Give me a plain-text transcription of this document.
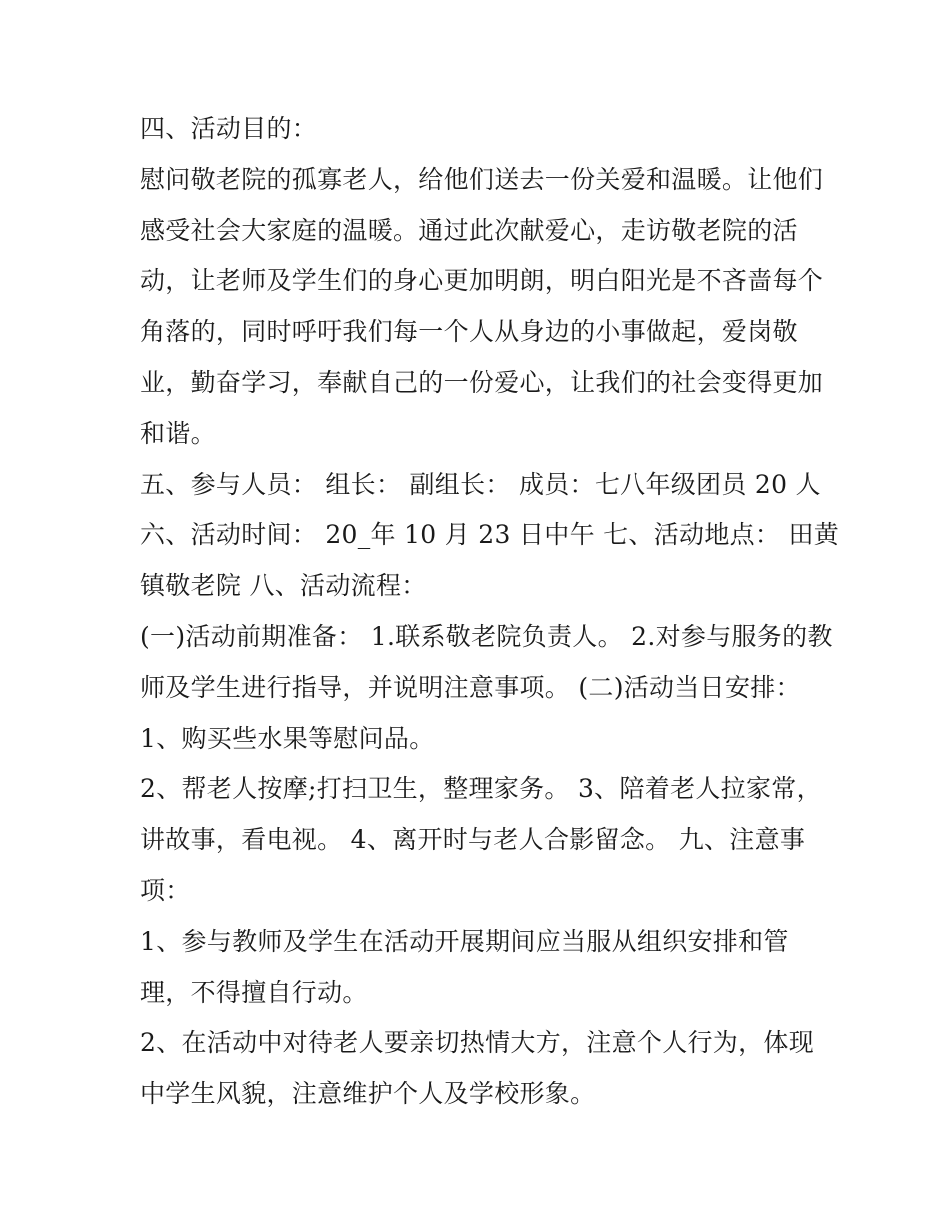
四、活动目的：
慰问敬老院的孤寡老人，给他们送去一份关爱和温暖。让他们
感受社会大家庭的温暖。通过此次献爱心，走访敬老院的活
动，让老师及学生们的身心更加明朗，明白阳光是不吝啬每个
角落的，同时呼吁我们每一个人从身边的小事做起，爱岗敬
业，勤奋学习，奉献自己的一份爱心，让我们的社会变得更加
和谐。
五、参与人员： 组长： 副组长： 成员：七八年级团员 20 人
六、活动时间： 20_年 10 月 23 日中午 七、活动地点： 田黄
镇敬老院 八、活动流程：
(一)活动前期准备： 1.联系敬老院负责人。 2.对参与服务的教
师及学生进行指导，并说明注意事项。 (二)活动当日安排：
1、购买些水果等慰问品。
2、帮老人按摩;打扫卫生，整理家务。 3、陪着老人拉家常，
讲故事，看电视。 4、离开时与老人合影留念。 九、注意事
项：
1、参与教师及学生在活动开展期间应当服从组织安排和管
理，不得擅自行动。
2、在活动中对待老人要亲切热情大方，注意个人行为，体现
中学生风貌，注意维护个人及学校形象。
